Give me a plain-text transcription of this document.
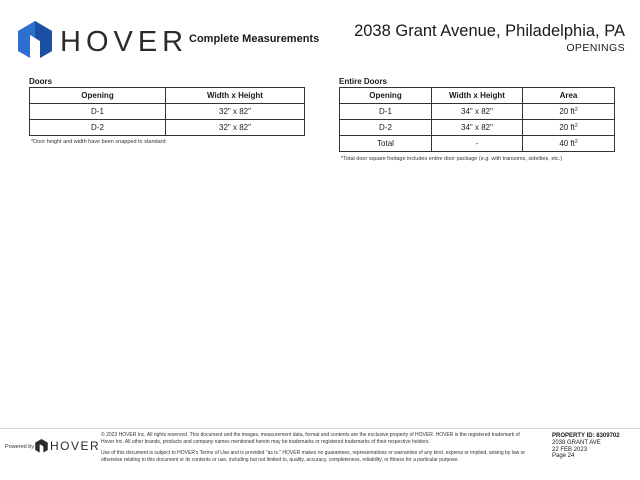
HOVER Complete Measurements 2038 Grant Avenue, Philadelphia, PA
OPENINGS
Doors
Opening	Width x Height
D-1	32" x 82"
D-2	32" x 82"
*Door height and width have been snapped to standard
Entire Doors
Opening	Width x Height	Area
D-1	34" x 82"	20 $ft^2$
D-2	34" x 82"	20 $ft^2$
Total	-	40 $ft^2$
*Total door square footage includes entire door package (e.g. with transoms, sidelites, etc.)
Powered by HOVER
© 2023 HOVER Inc. All rights reserved. This document and the images, measurement data, format and contents are the exclusive property of HOVER. HOVER is the registered trademark of Hover Inc. All other brands, products and company names mentioned herein may be trademarks or registered trademarks of their respective holders.
Use of this document is subject to HOVER's Terms of Use and is provided "as is." HOVER makes no guarantees, representations or warranties of any kind, express or implied, arising by law or otherwise relating to this document or its contents or use, including but not limited to, quality, accuracy, completeness, reliability, or fitness for a particular purpose.
PROPERTY ID: 8309702
2038 GRANT AVE
22 FEB 2023
Page 24
